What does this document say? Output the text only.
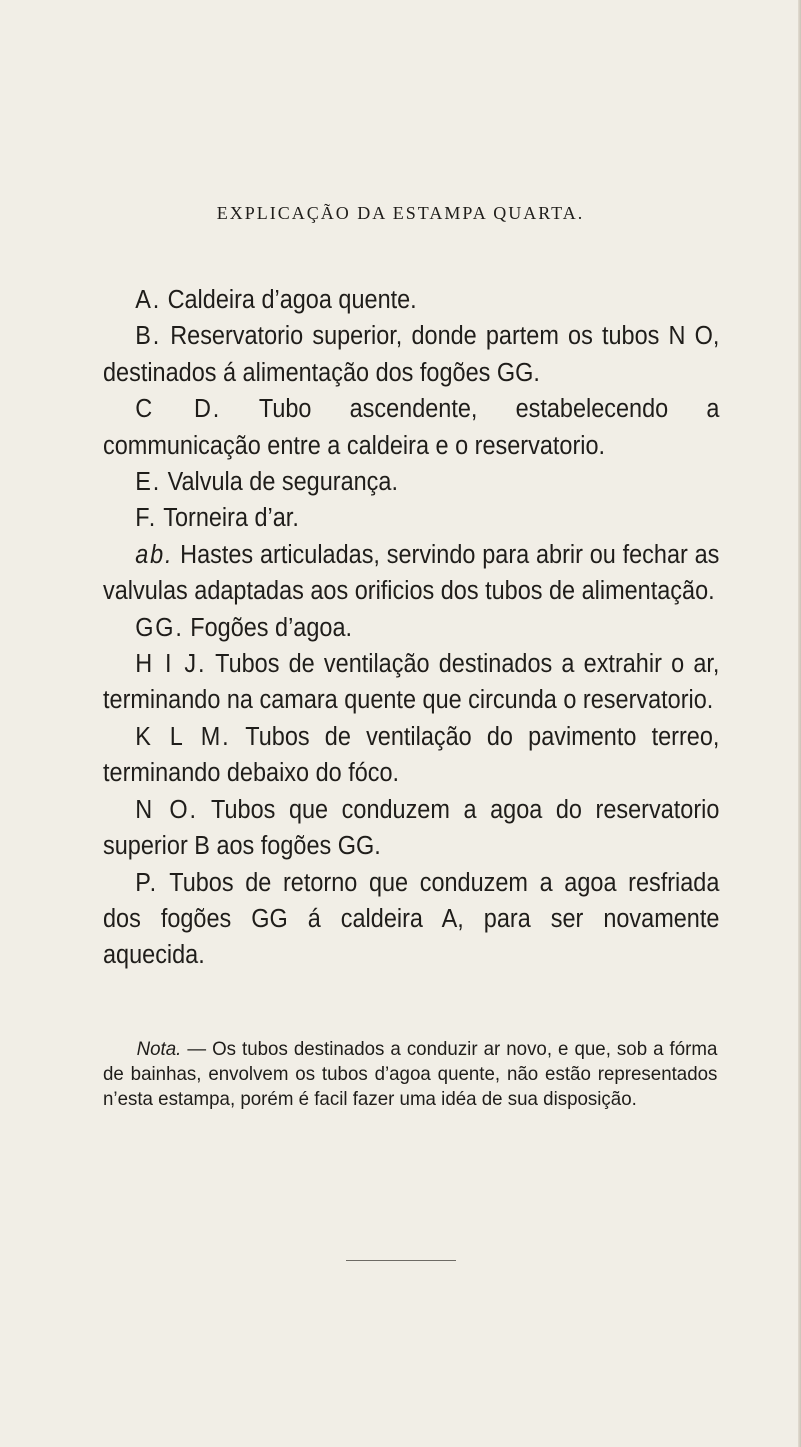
EXPLICAÇÃO DA ESTAMPA QUARTA.

A. Caldeira d’agoa quente.

B. Reservatorio superior, donde partem os tubos N O, destinados á alimentação dos fogões GG.

C D. Tubo ascendente, estabelecendo a communicação entre a caldeira e o reservatorio.

E. Valvula de segurança.

F. Torneira d’ar.

ab. Hastes articuladas, servindo para abrir ou fechar as valvulas adaptadas aos orificios dos tubos de alimentação.

GG. Fogões d’agoa.

H I J. Tubos de ventilação destinados a extrahir o ar, terminando na camara quente que circunda o reservatorio.

K L M. Tubos de ventilação do pavimento terreo, terminando debaixo do fóco.

N O. Tubos que conduzem a agoa do reservatorio superior B aos fogões GG.

P. Tubos de retorno que conduzem a agoa resfriada dos fogões GG á caldeira A, para ser novamente aquecida.

Nota. — Os tubos destinados a conduzir ar novo, e que, sob a fórma de bainhas, envolvem os tubos d’agoa quente, não estão representados n’esta estampa, porém é facil fazer uma idéa de sua disposição.
